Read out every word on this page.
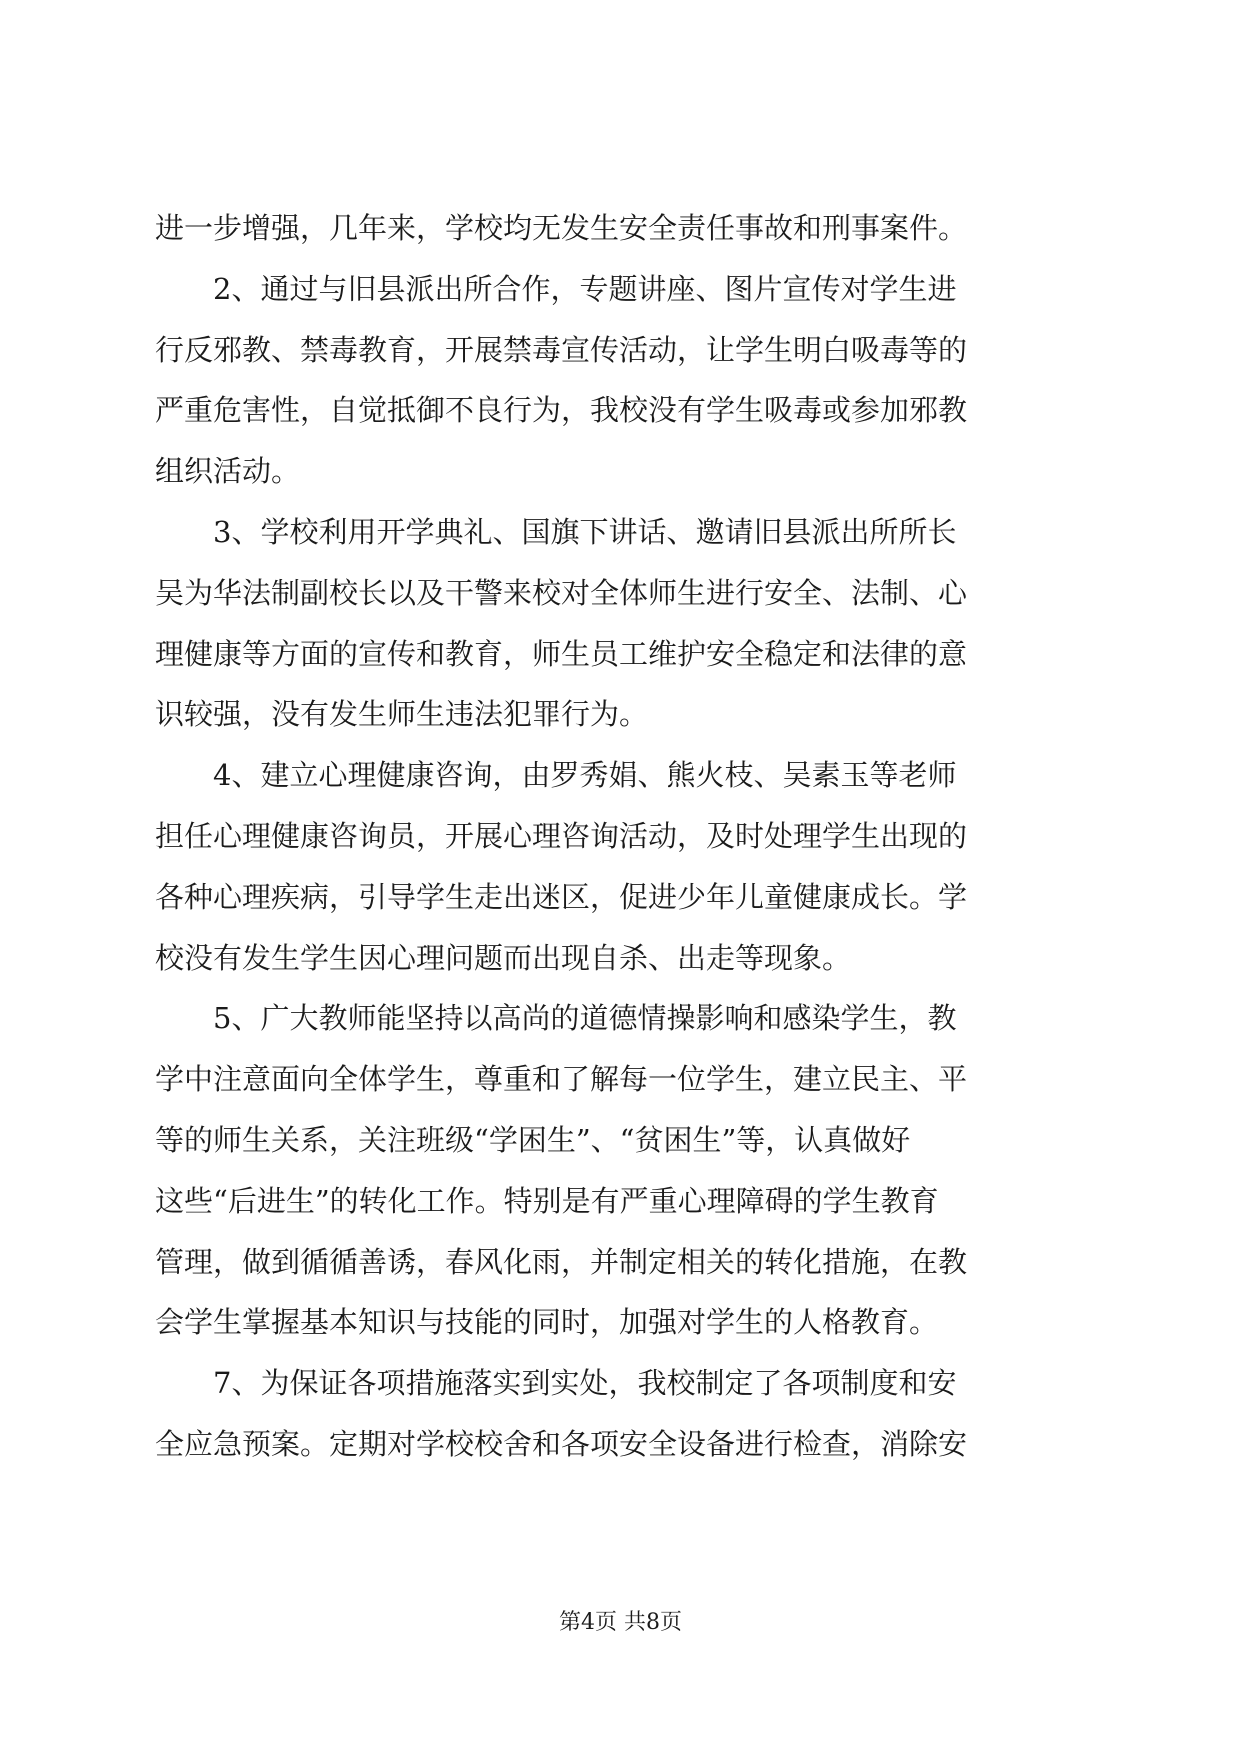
进一步增强，几年来，学校均无发生安全责任事故和刑事案件。
　　2、通过与旧县派出所合作，专题讲座、图片宣传对学生进
行反邪教、禁毒教育，开展禁毒宣传活动，让学生明白吸毒等的
严重危害性，自觉抵御不良行为，我校没有学生吸毒或参加邪教
组织活动。
　　3、学校利用开学典礼、国旗下讲话、邀请旧县派出所所长
吴为华法制副校长以及干警来校对全体师生进行安全、法制、心
理健康等方面的宣传和教育，师生员工维护安全稳定和法律的意
识较强，没有发生师生违法犯罪行为。
　　4、建立心理健康咨询，由罗秀娟、熊火枝、吴素玉等老师
担任心理健康咨询员，开展心理咨询活动，及时处理学生出现的
各种心理疾病，引导学生走出迷区，促进少年儿童健康成长。学
校没有发生学生因心理问题而出现自杀、出走等现象。
　　5、广大教师能坚持以高尚的道德情操影响和感染学生，教
学中注意面向全体学生，尊重和了解每一位学生，建立民主、平
等的师生关系，关注班级“学困生”、“贫困生”等，认真做好
这些“后进生”的转化工作。特别是有严重心理障碍的学生教育
管理，做到循循善诱，春风化雨，并制定相关的转化措施，在教
会学生掌握基本知识与技能的同时，加强对学生的人格教育。
　　7、为保证各项措施落实到实处，我校制定了各项制度和安
全应急预案。定期对学校校舍和各项安全设备进行检查，消除安
第4页 共8页
